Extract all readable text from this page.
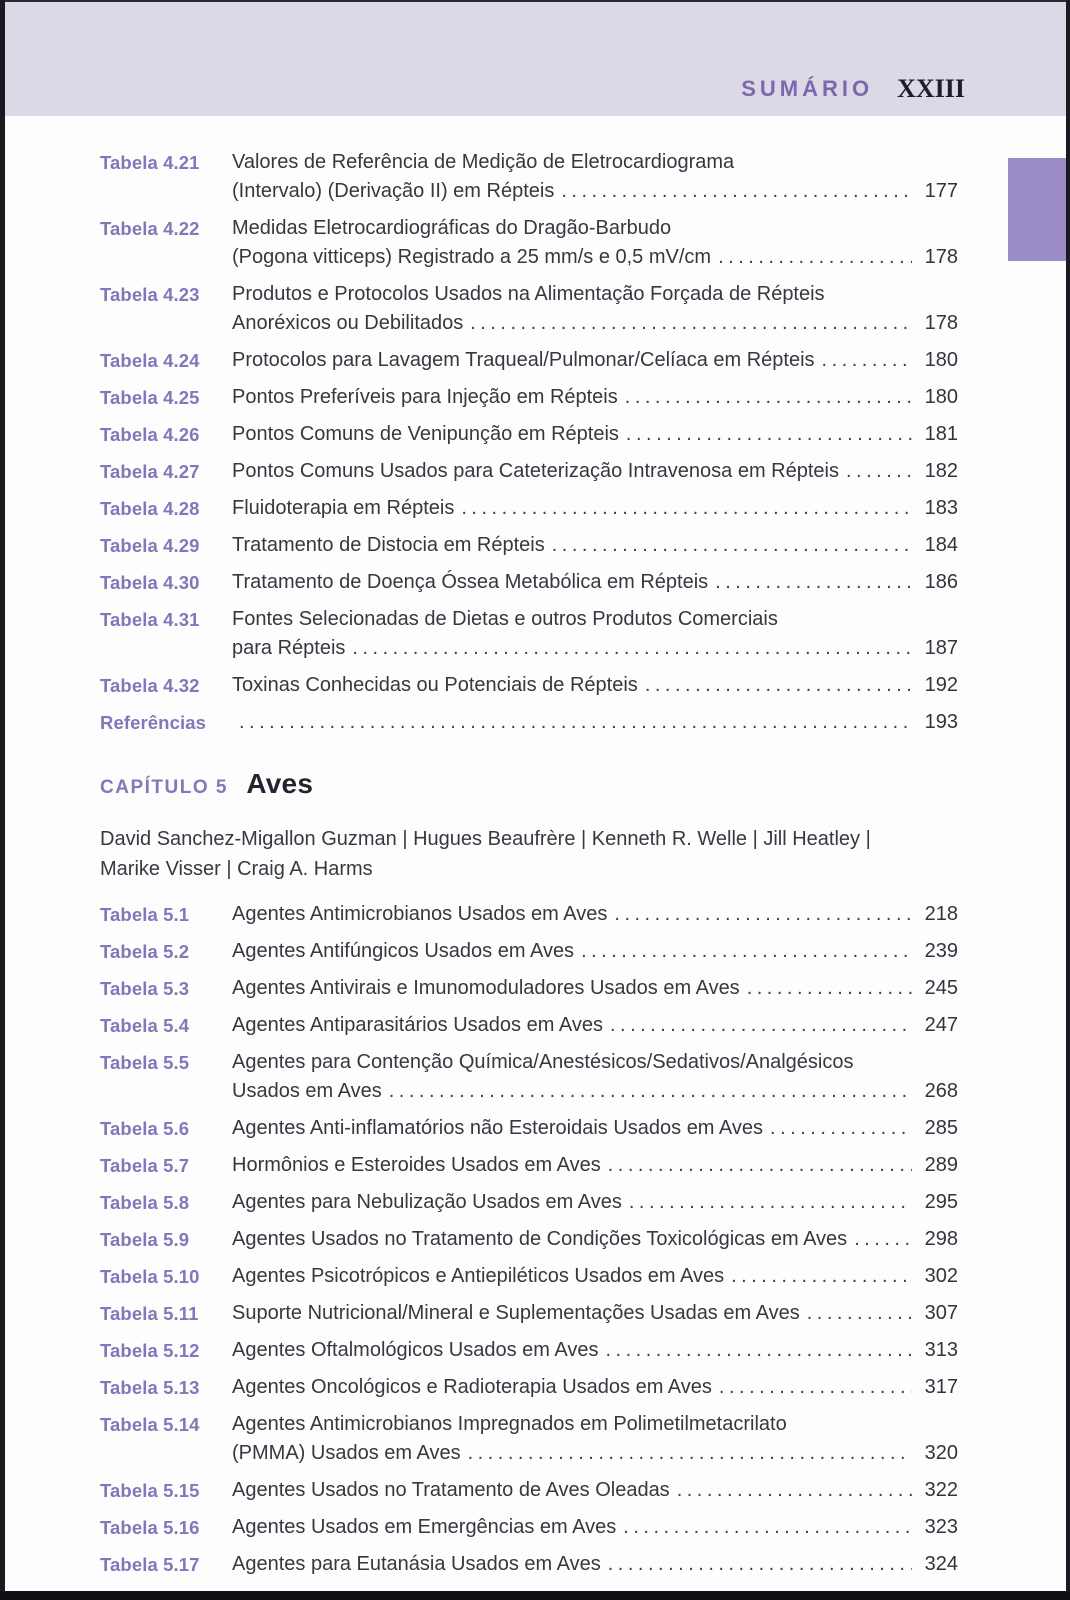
SUMÁRIO XXIII
Tabela 4.21	Valores de Referência de Medição de Eletrocardiograma
(Intervalo) (Derivação II) em Répteis .....	177
Tabela 4.22	Medidas Eletrocardiográficas do Dragão-Barbudo
(Pogona vitticeps) Registrado a 25 mm/s e 0,5 mV/cm .....	178
Tabela 4.23	Produtos e Protocolos Usados na Alimentação Forçada de Répteis
Anoréxicos ou Debilitados .....	178
Tabela 4.24	Protocolos para Lavagem Traqueal/Pulmonar/Celíaca em Répteis .....	180
Tabela 4.25	Pontos Preferíveis para Injeção em Répteis .....	180
Tabela 4.26	Pontos Comuns de Venipunção em Répteis .....	181
Tabela 4.27	Pontos Comuns Usados para Cateterização Intravenosa em Répteis .....	182
Tabela 4.28	Fluidoterapia em Répteis .....	183
Tabela 4.29	Tratamento de Distocia em Répteis .....	184
Tabela 4.30	Tratamento de Doença Óssea Metabólica em Répteis .....	186
Tabela 4.31	Fontes Selecionadas de Dietas e outros Produtos Comerciais
para Répteis .....	187
Tabela 4.32	Toxinas Conhecidas ou Potenciais de Répteis .....	192
Referências .....	193
CAPÍTULO 5 Aves
David Sanchez-Migallon Guzman | Hugues Beaufrère | Kenneth R. Welle | Jill Heatley |
Marike Visser | Craig A. Harms
Tabela 5.1	Agentes Antimicrobianos Usados em Aves .....	218
Tabela 5.2	Agentes Antifúngicos Usados em Aves .....	239
Tabela 5.3	Agentes Antivirais e Imunomoduladores Usados em Aves .....	245
Tabela 5.4	Agentes Antiparasitários Usados em Aves .....	247
Tabela 5.5	Agentes para Contenção Química/Anestésicos/Sedativos/Analgésicos
Usados em Aves .....	268
Tabela 5.6	Agentes Anti-inflamatórios não Esteroidais Usados em Aves .....	285
Tabela 5.7	Hormônios e Esteroides Usados em Aves .....	289
Tabela 5.8	Agentes para Nebulização Usados em Aves .....	295
Tabela 5.9	Agentes Usados no Tratamento de Condições Toxicológicas em Aves .....	298
Tabela 5.10	Agentes Psicotrópicos e Antiepiléticos Usados em Aves .....	302
Tabela 5.11	Suporte Nutricional/Mineral e Suplementações Usadas em Aves .....	307
Tabela 5.12	Agentes Oftalmológicos Usados em Aves .....	313
Tabela 5.13	Agentes Oncológicos e Radioterapia Usados em Aves .....	317
Tabela 5.14	Agentes Antimicrobianos Impregnados em Polimetilmetacrilato
(PMMA) Usados em Aves .....	320
Tabela 5.15	Agentes Usados no Tratamento de Aves Oleadas .....	322
Tabela 5.16	Agentes Usados em Emergências em Aves .....	323
Tabela 5.17	Agentes para Eutanásia Usados em Aves .....	324
